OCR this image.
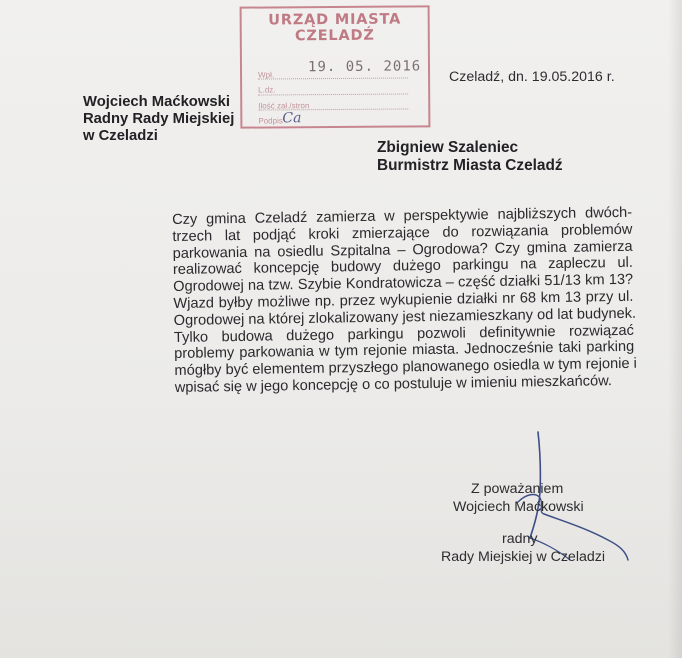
URZĄD MIASTA CZELADŹ
19. 05. 2016
Wpł.
L.dz.
Ilość zał./stron
Podpis Ca
Czeladź, dn. 19.05.2016 r.
Wojciech Maćkowski
Radny Rady Miejskiej
w Czeladzi
Zbigniew Szaleniec
Burmistrz Miasta Czeladź
Czy gmina Czeladź zamierza w perspektywie najbliższych dwóch-
trzech lat podjąć kroki zmierzające do rozwiązania problemów
parkowania na osiedlu Szpitalna – Ogrodowa? Czy gmina zamierza
realizować koncepcję budowy dużego parkingu na zapleczu ul.
Ogrodowej na tzw. Szybie Kondratowicza – część działki 51/13 km 13?
Wjazd byłby możliwe np. przez wykupienie działki nr 68 km 13 przy ul.
Ogrodowej na której zlokalizowany jest niezamieszkany od lat budynek.
Tylko budowa dużego parkingu pozwoli definitywnie rozwiązać
problemy parkowania w tym rejonie miasta. Jednocześnie taki parking
mógłby być elementem przyszłego planowanego osiedla w tym rejonie i
wpisać się w jego koncepcję o co postuluje w imieniu mieszkańców.
Z poważaniem
Wojciech Maćkowski
radny
Rady Miejskiej w Czeladzi
